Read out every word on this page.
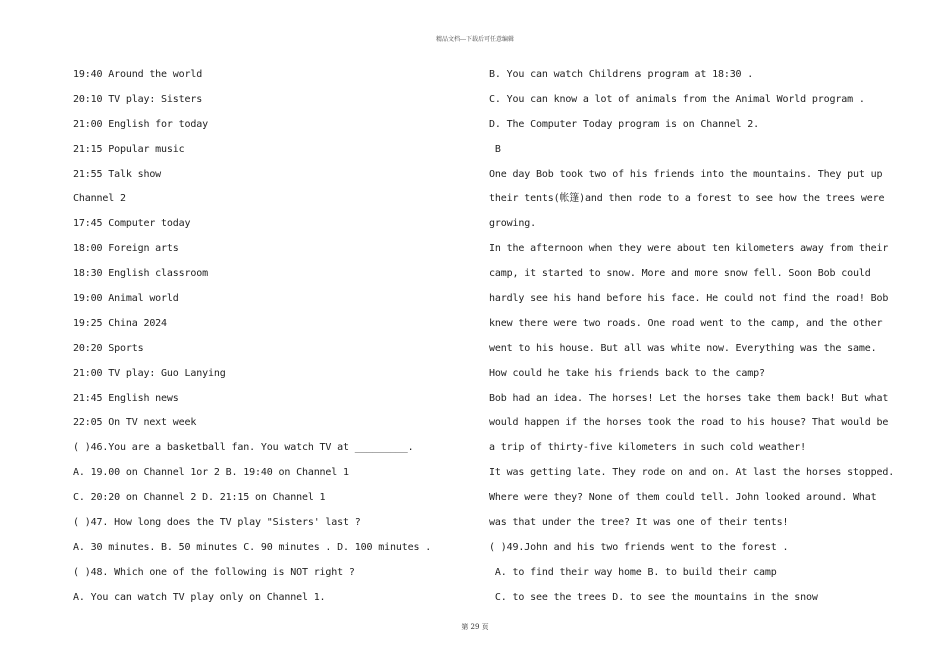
精品文档---下载后可任意编辑
19:40 Around the world
20:10 TV play: Sisters
21:00 English for today
21:15 Popular music
21:55 Talk show
Channel 2
17:45 Computer today
18:00 Foreign arts
18:30 English classroom
19:00 Animal world
19:25 China 2024
20:20 Sports
21:00 TV play: Guo Lanying
21:45 English news
22:05 On TV next week
( )46.You are a basketball fan. You watch TV at _________.
A. 19.00 on Channel 1or 2 B. 19:40 on Channel 1
C. 20:20 on Channel 2 D. 21:15 on Channel 1
( )47. How long does the TV play "Sisters' last ?
A. 30 minutes. B. 50 minutes C. 90 minutes . D. 100 minutes .
( )48. Which one of the following is NOT right ?
A. You can watch TV play only on Channel 1.
B. You can watch Childrens program at 18:30 .
C. You can know a lot of animals from the Animal World program .
D. The Computer Today program is on Channel 2.
B
One day Bob took two of his friends into the mountains. They put up
their tents(帐篷)and then rode to a forest to see how the trees were
growing.
In the afternoon when they were about ten kilometers away from their
camp, it started to snow. More and more snow fell. Soon Bob could
hardly see his hand before his face. He could not find the road! Bob
knew there were two roads. One road went to the camp, and the other
went to his house. But all was white now. Everything was the same.
How could he take his friends back to the camp?
Bob had an idea. The horses! Let the horses take them back! But what
would happen if the horses took the road to his house? That would be
a trip of thirty-five kilometers in such cold weather!
It was getting late. They rode on and on. At last the horses stopped.
Where were they? None of them could tell. John looked around. What
was that under the tree? It was one of their tents!
( )49.John and his two friends went to the forest .
A. to find their way home B. to build their camp
C. to see the trees D. to see the mountains in the snow
第 29 页
